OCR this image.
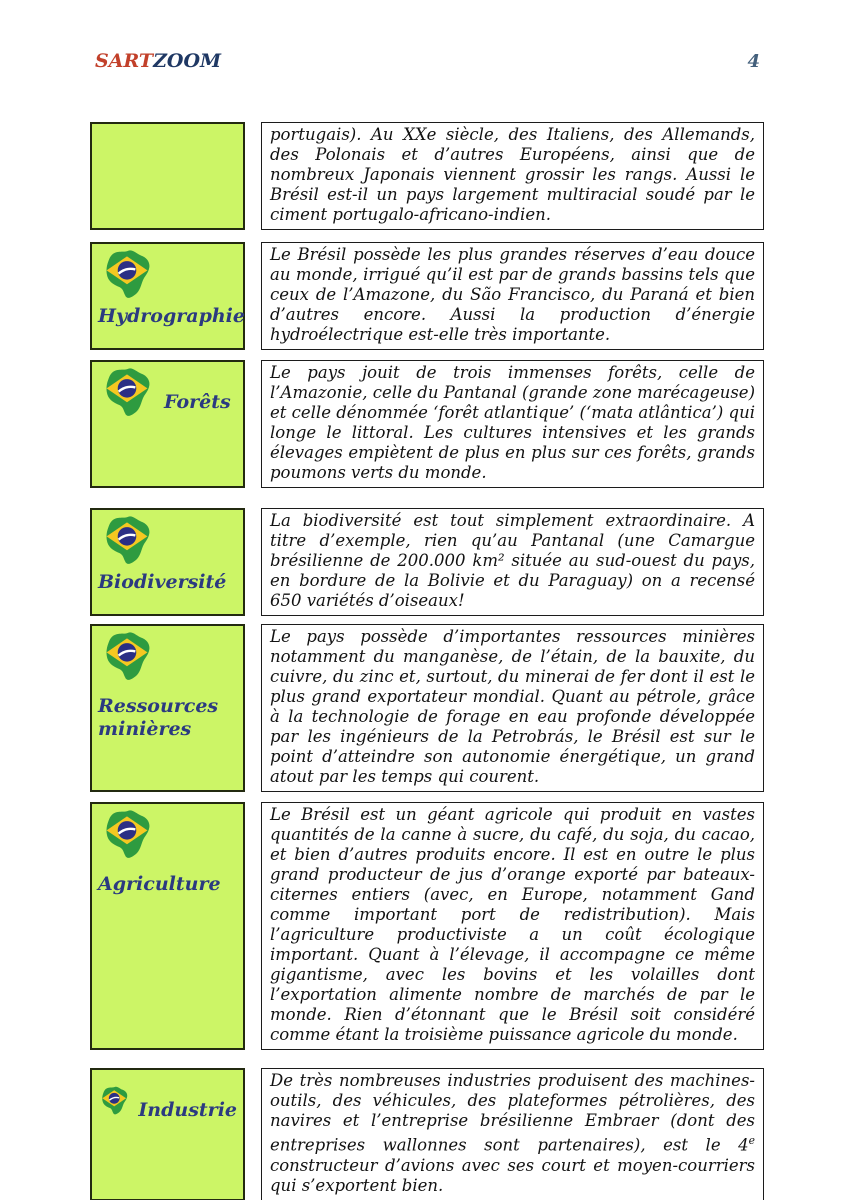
SARTZOOM	4

portugais). Au XXe siècle, des Italiens, des Allemands, des Polonais et d’autres Européens, ainsi que de nombreux Japonais viennent grossir les rangs. Aussi le Brésil est-il un pays largement multiracial soudé par le ciment portugalo-africano-indien.

Hydrographie

Le Brésil possède les plus grandes réserves d’eau douce au monde, irrigué qu’il est par de grands bassins tels que ceux de l’Amazone, du São Francisco, du Paraná et bien d’autres encore. Aussi la production d’énergie hydroélectrique est-elle très importante.

Forêts

Le pays jouit de trois immenses forêts, celle de l’Amazonie, celle du Pantanal (grande zone marécageuse) et celle dénommée ‘forêt atlantique’ (‘mata atlântica’) qui longe le littoral. Les cultures intensives et les grands élevages empiètent de plus en plus sur ces forêts, grands poumons verts du monde.

Biodiversité

La biodiversité est tout simplement extraordinaire. A titre d’exemple, rien qu’au Pantanal (une Camargue brésilienne de 200.000 km² située au sud-ouest du pays, en bordure de la Bolivie et du Paraguay) on a recensé 650 variétés d’oiseaux!

Ressources minières

Le pays possède d’importantes ressources minières notamment du manganèse, de l’étain, de la bauxite, du cuivre, du zinc et, surtout, du minerai de fer dont il est le plus grand exportateur mondial. Quant au pétrole, grâce à la technologie de forage en eau profonde développée par les ingénieurs de la Petrobrás, le Brésil est sur le point d’atteindre son autonomie énergétique, un grand atout par les temps qui courent.

Agriculture

Le Brésil est un géant agricole qui produit en vastes quantités de la canne à sucre, du café, du soja, du cacao, et bien d’autres produits encore. Il est en outre le plus grand producteur de jus d’orange exporté par bateaux-citernes entiers (avec, en Europe, notamment Gand comme important port de redistribution). Mais l’agriculture productiviste a un coût écologique important. Quant à l’élevage, il accompagne ce même gigantisme, avec les bovins et les volailles dont l’exportation alimente nombre de marchés de par le monde. Rien d’étonnant que le Brésil soit considéré comme étant la troisième puissance agricole du monde.

Industrie

De très nombreuses industries produisent des machines-outils, des véhicules, des plateformes pétrolières, des navires et l’entreprise brésilienne Embraer (dont des entreprises wallonnes sont partenaires), est le 4e constructeur d’avions avec ses court et moyen-courriers qui s’exportent bien.
